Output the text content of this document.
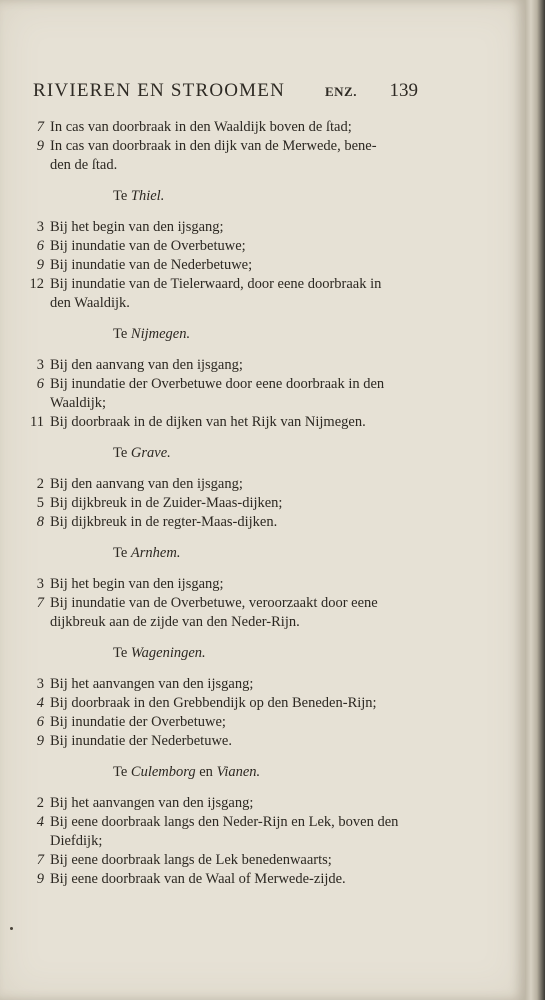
RIVIEREN EN STROOMEN	ENZ. 139
7 In cas van doorbraak in den Waaldijk boven de ſtad;
9 In cas van doorbraak in den dijk van de Merwede, bene-
den de ſtad.
Te Thiel.
3 Bij het begin van den ijsgang;
6 Bij inundatie van de Overbetuwe;
9 Bij inundatie van de Nederbetuwe;
12 Bij inundatie van de Tielerwaard, door eene doorbraak in
den Waaldijk.
Te Nijmegen.
3 Bij den aanvang van den ijsgang;
6 Bij inundatie der Overbetuwe door eene doorbraak in den
Waaldijk;
11 Bij doorbraak in de dijken van het Rijk van Nijmegen.
Te Grave.
2 Bij den aanvang van den ijsgang;
5 Bij dijkbreuk in de Zuider-Maas-dijken;
8 Bij dijkbreuk in de regter-Maas-dijken.
Te Arnhem.
3 Bij het begin van den ijsgang;
7 Bij inundatie van de Overbetuwe, veroorzaakt door eene
dijkbreuk aan de zijde van den Neder-Rijn.
Te Wageningen.
3 Bij het aanvangen van den ijsgang;
4 Bij doorbraak in den Grebbendijk op den Beneden-Rijn;
6 Bij inundatie der Overbetuwe;
9 Bij inundatie der Nederbetuwe.
Te Culemborg en Vianen.
2 Bij het aanvangen van den ijsgang;
4 Bij eene doorbraak langs den Neder-Rijn en Lek, boven den
Diefdijk;
7 Bij eene doorbraak langs de Lek benedenwaarts;
9 Bij eene doorbraak van de Waal of Merwede-zijde.
